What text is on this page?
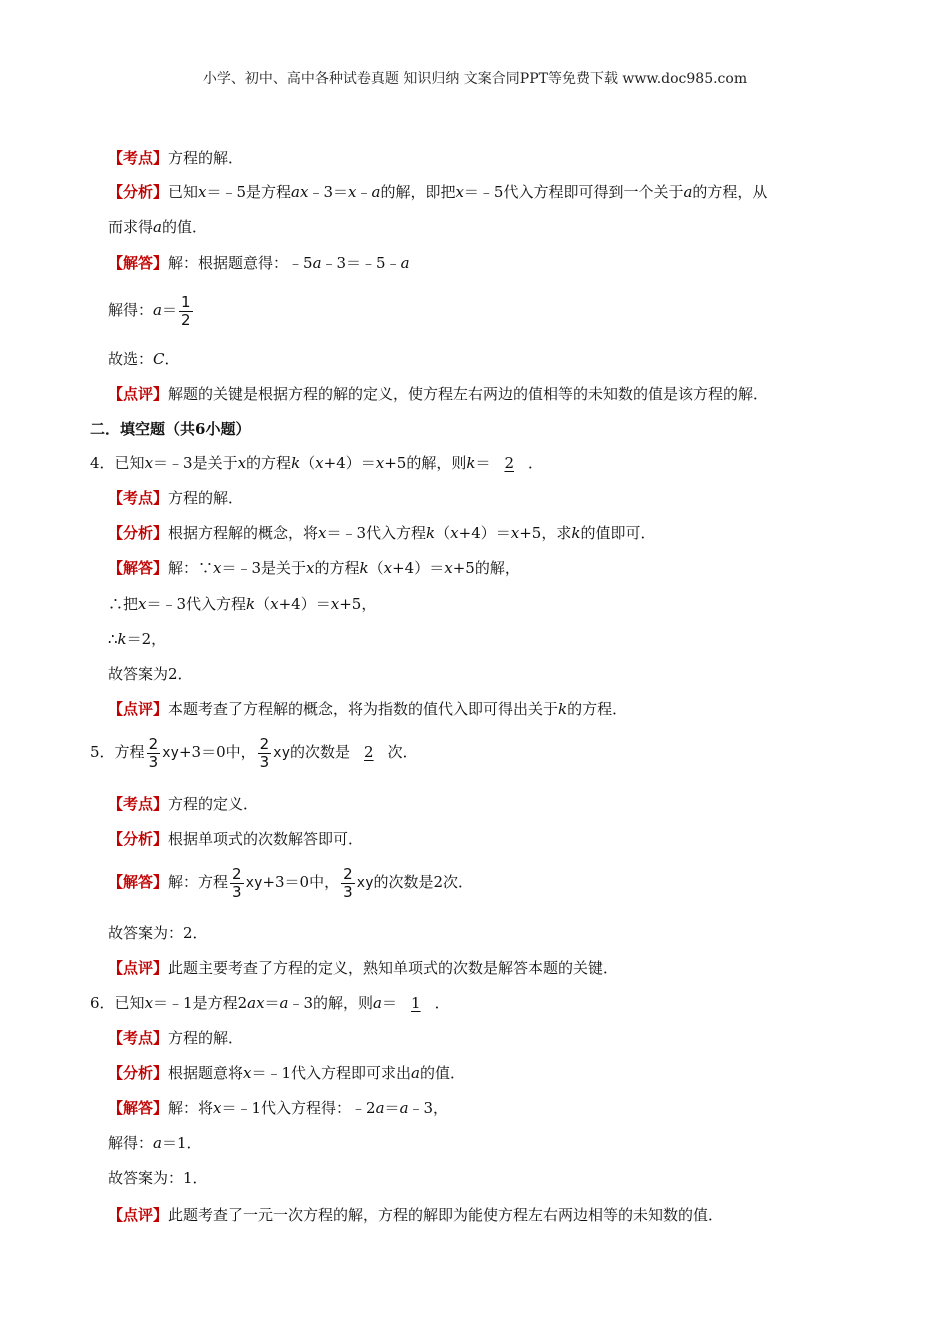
小学、初中、高中各种试卷真题 知识归纳 文案合同PPT等免费下载 www.doc985.com
【考点】方程的解．
【分析】已知x＝﹣5是方程ax﹣3＝x﹣a的解，即把x＝﹣5代入方程即可得到一个关于a的方程，从
而求得a的值．
【解答】解：根据题意得：﹣5a﹣3＝﹣5﹣a
解得：$a= \frac{1}{2}$
故选：C．
【点评】解题的关键是根据方程的解的定义，使方程左右两边的值相等的未知数的值是该方程的解．
二．填空题（共6小题）
4．已知x＝﹣3是关于x的方程k（x+4）＝x+5的解，则k＝ 2 ．
【考点】方程的解．
【分析】根据方程解的概念，将x＝﹣3代入方程k（x+4）＝x+5，求k的值即可．
【解答】解：∵x＝﹣3是关于x的方程k（x+4）＝x+5的解，
∴把x＝﹣3代入方程k（x+4）＝x+5，
∴k＝2，
故答案为2．
【点评】本题考查了方程解的概念，将为指数的值代入即可得出关于k的方程．
5．方程 $\frac{2}{3} xy+3=0$中， $\frac{2}{3}$ xy的次数是 2 次．
【考点】方程的定义．
【分析】根据单项式的次数解答即可．
【解答】解：方程 $\frac{2}{3} xy+3=0$中， $\frac{2}{3}$ xy的次数是2次．
故答案为：2．
【点评】此题主要考查了方程的定义，熟知单项式的次数是解答本题的关键．
6．已知x＝﹣1是方程2ax＝a﹣3的解，则a＝ 1 ．
【考点】方程的解．
【分析】根据题意将x＝﹣1代入方程即可求出a的值．
【解答】解：将x＝﹣1代入方程得：﹣2a＝a﹣3，
解得：a＝1．
故答案为：1．
【点评】此题考查了一元一次方程的解，方程的解即为能使方程左右两边相等的未知数的值．
